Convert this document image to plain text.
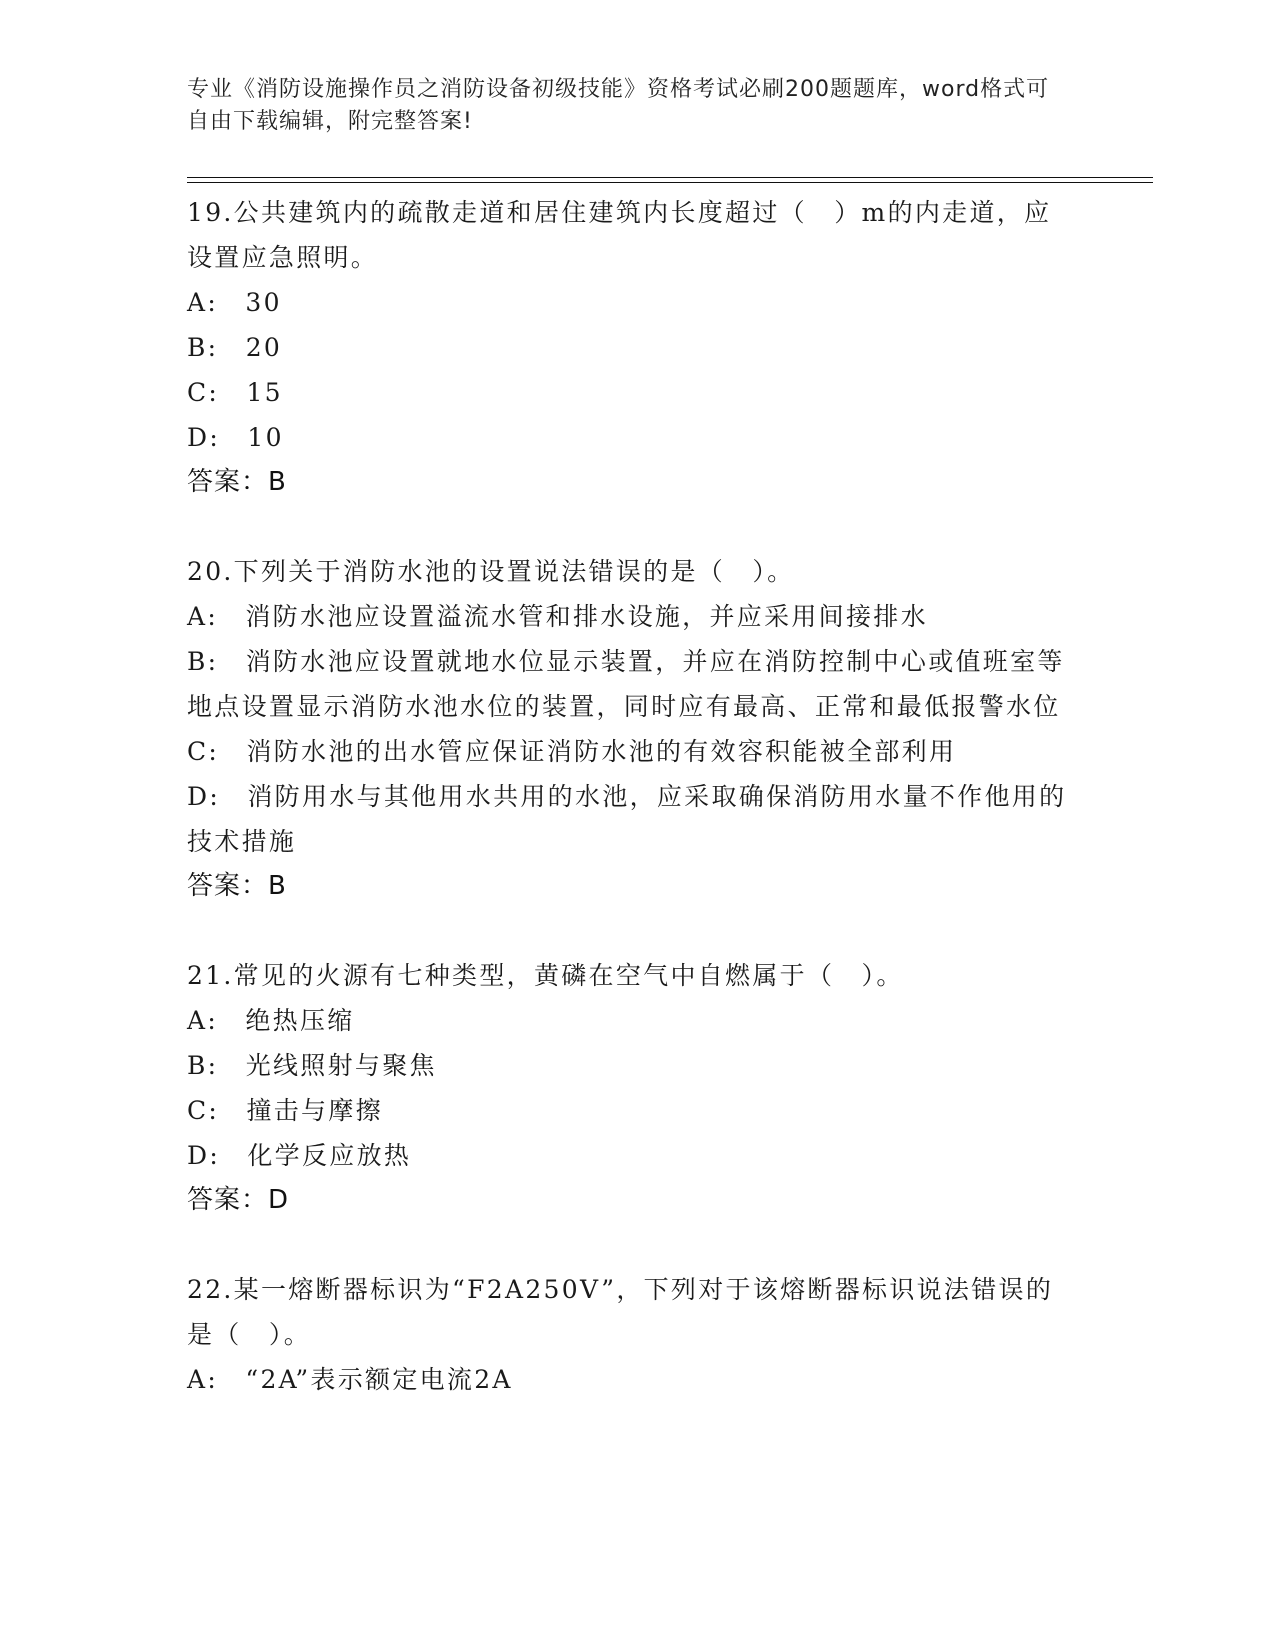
专业《消防设施操作员之消防设备初级技能》资格考试必刷200题题库，word格式可自由下载编辑，附完整答案!

19.公共建筑内的疏散走道和居住建筑内长度超过（　）m的内走道，应设置应急照明。

A:　30

B:　20

C:　15

D:　10

答案：B

20.下列关于消防水池的设置说法错误的是（　）。

A:　消防水池应设置溢流水管和排水设施，并应采用间接排水

B:　消防水池应设置就地水位显示装置，并应在消防控制中心或值班室等地点设置显示消防水池水位的装置，同时应有最高、正常和最低报警水位

C:　消防水池的出水管应保证消防水池的有效容积能被全部利用

D:　消防用水与其他用水共用的水池，应采取确保消防用水量不作他用的技术措施

答案：B

21.常见的火源有七种类型，黄磷在空气中自燃属于（　）。

A:　绝热压缩

B:　光线照射与聚焦

C:　撞击与摩擦

D:　化学反应放热

答案：D

22.某一熔断器标识为“F2A250V”，下列对于该熔断器标识说法错误的是（　）。

A:　“2A”表示额定电流2A
